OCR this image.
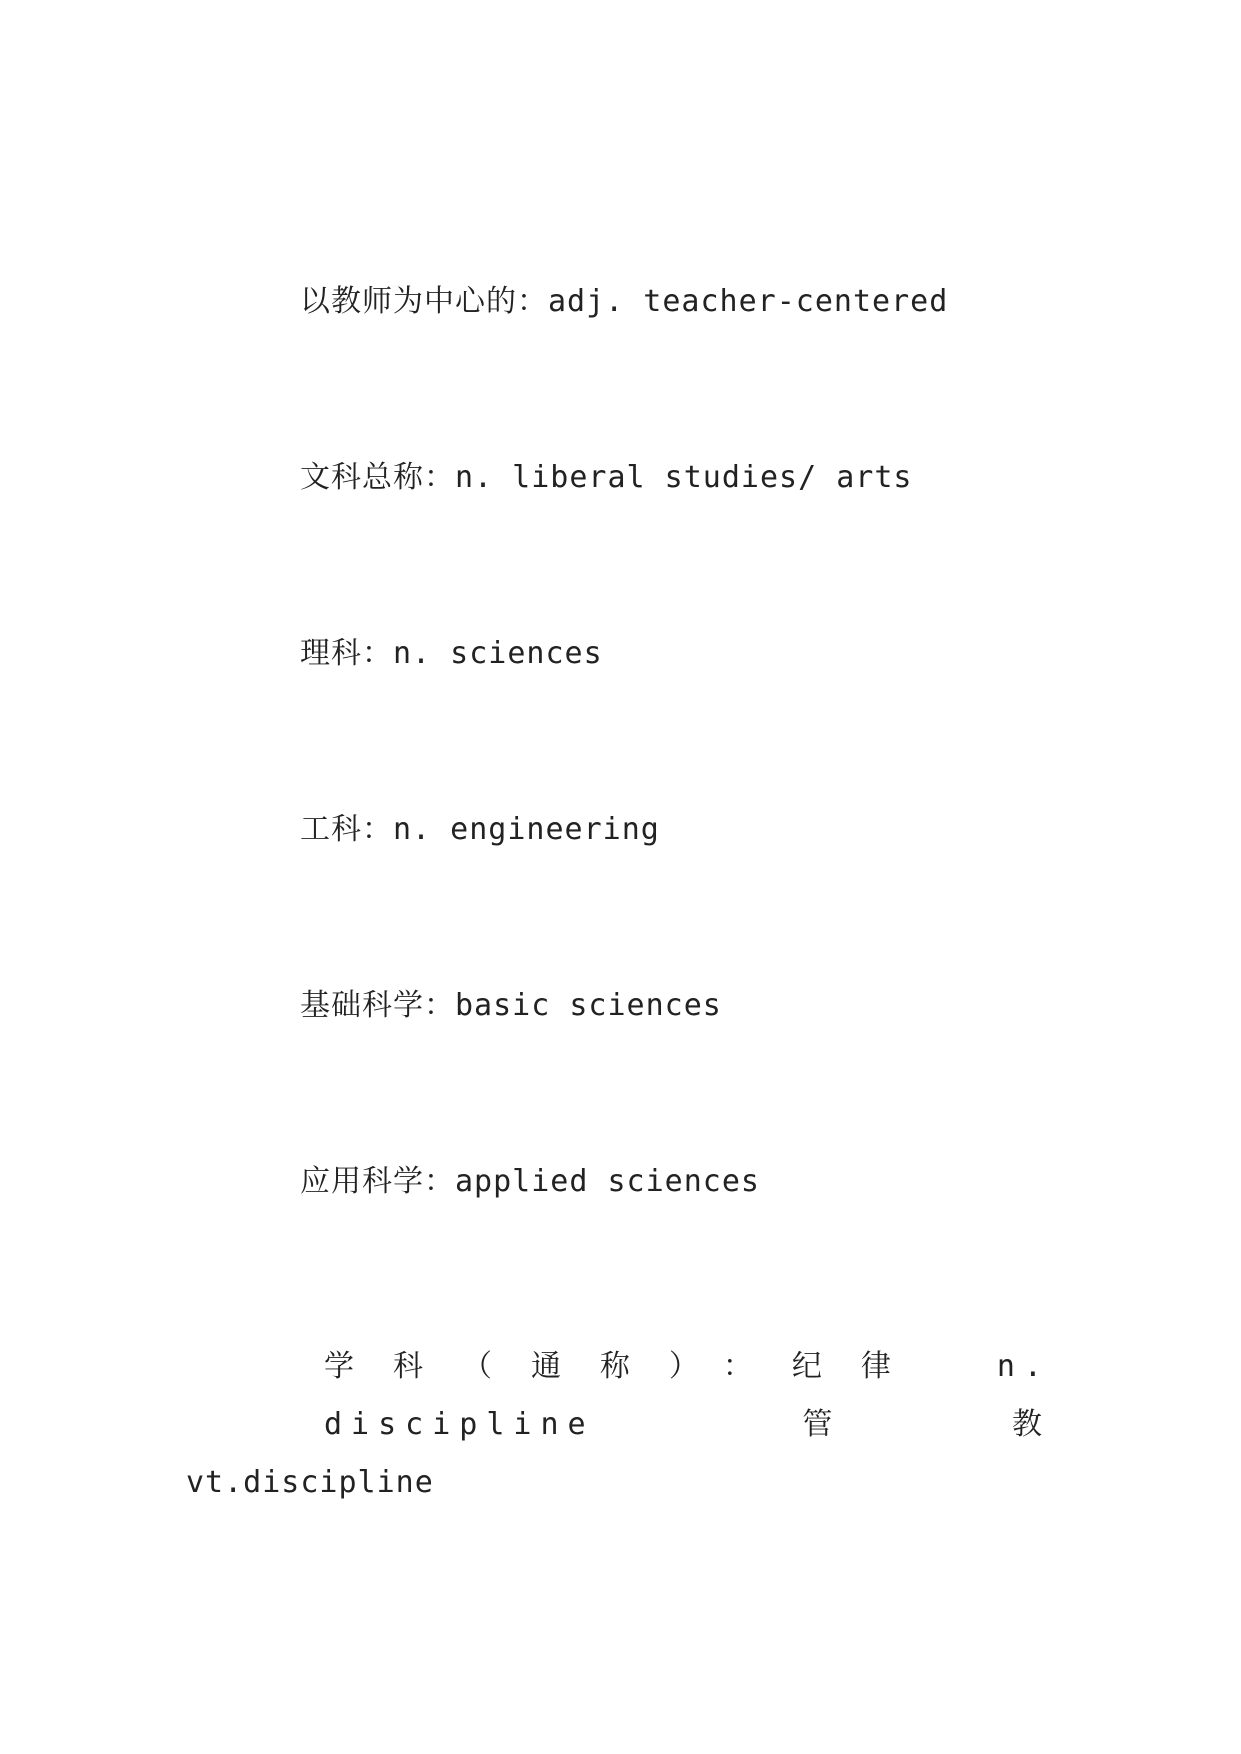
以教师为中心的：adj. teacher-centered
文科总称：n. liberal studies/ arts
理科：n. sciences
工科：n. engineering
基础科学：basic sciences
应用科学：applied sciences
学科（通称）：纪律 n. discipline 管教
vt.discipline
